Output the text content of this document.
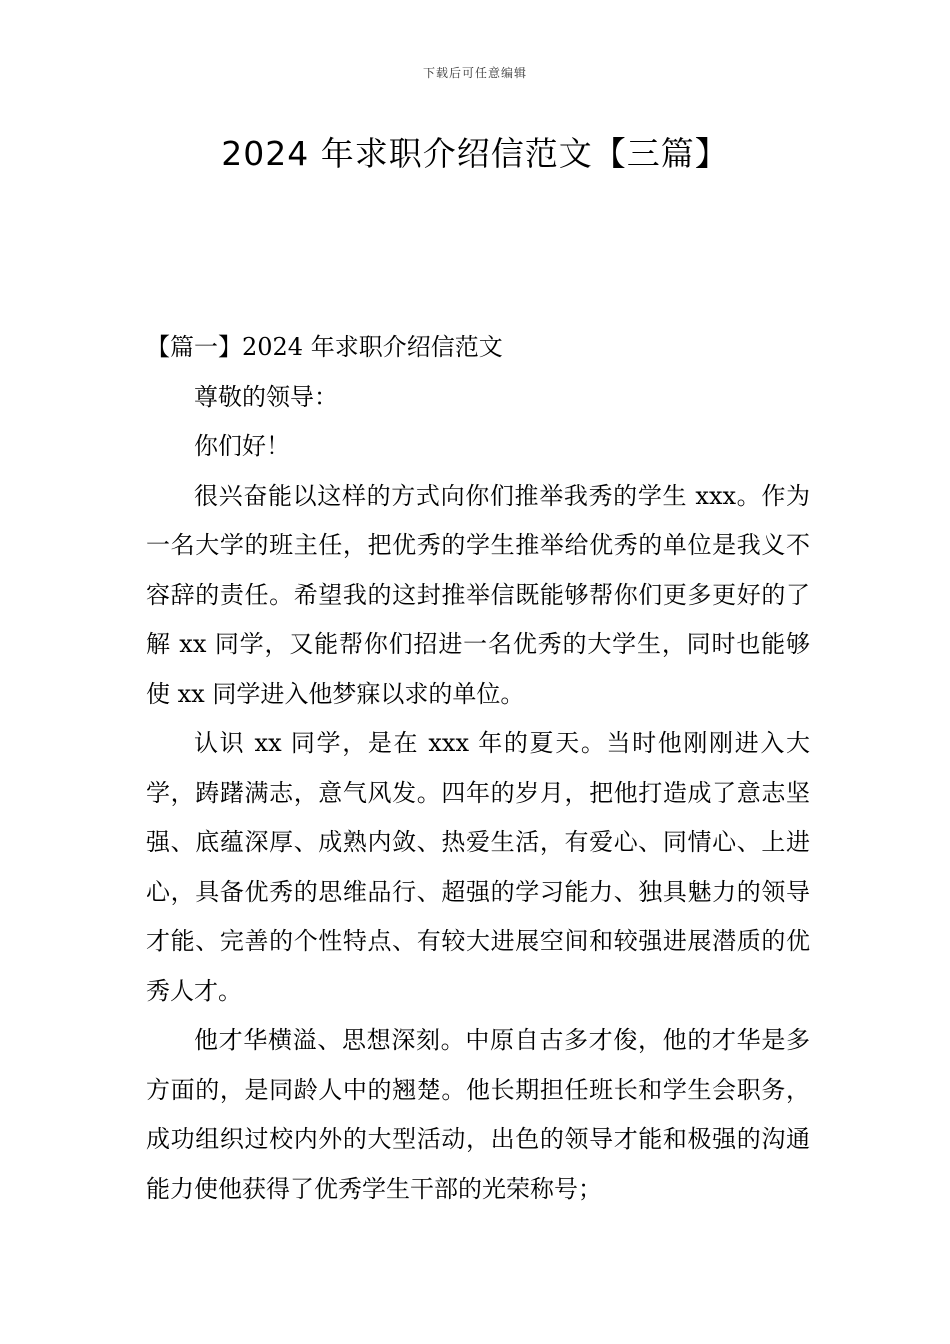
下载后可任意编辑
2024 年求职介绍信范文【三篇】

【篇一】2024 年求职介绍信范文

尊敬的领导：

你们好！

很兴奋能以这样的方式向你们推举我秀的学生 xxx。作为一名大学的班主任，把优秀的学生推举给优秀的单位是我义不容辞的责任。希望我的这封推举信既能够帮你们更多更好的了解 xx 同学，又能帮你们招进一名优秀的大学生，同时也能够使 xx 同学进入他梦寐以求的单位。

认识 xx 同学，是在 xxx 年的夏天。当时他刚刚进入大学，踌躇满志，意气风发。四年的岁月，把他打造成了意志坚强、底蕴深厚、成熟内敛、热爱生活，有爱心、同情心、上进心，具备优秀的思维品行、超强的学习能力、独具魅力的领导才能、完善的个性特点、有较大进展空间和较强进展潜质的优秀人才。

他才华横溢、思想深刻。中原自古多才俊，他的才华是多方面的，是同龄人中的翘楚。他长期担任班长和学生会职务，成功组织过校内外的大型活动，出色的领导才能和极强的沟通能力使他获得了优秀学生干部的光荣称号；
